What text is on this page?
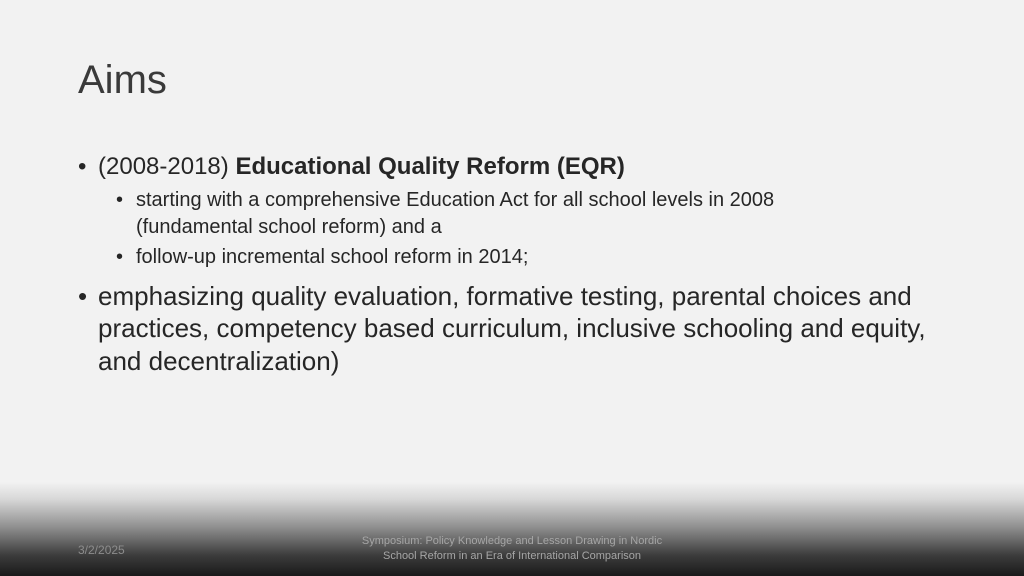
Aims
• (2008-2018) Educational Quality Reform (EQR)
• starting with a comprehensive Education Act for all school levels in 2008
(fundamental school reform) and a
• follow-up incremental school reform in 2014;
• emphasizing quality evaluation, formative testing, parental choices and practices, competency based curriculum, inclusive schooling and equity, and decentralization)
3/2/2025
Symposium: Policy Knowledge and Lesson Drawing in Nordic
School Reform in an Era of International Comparison
